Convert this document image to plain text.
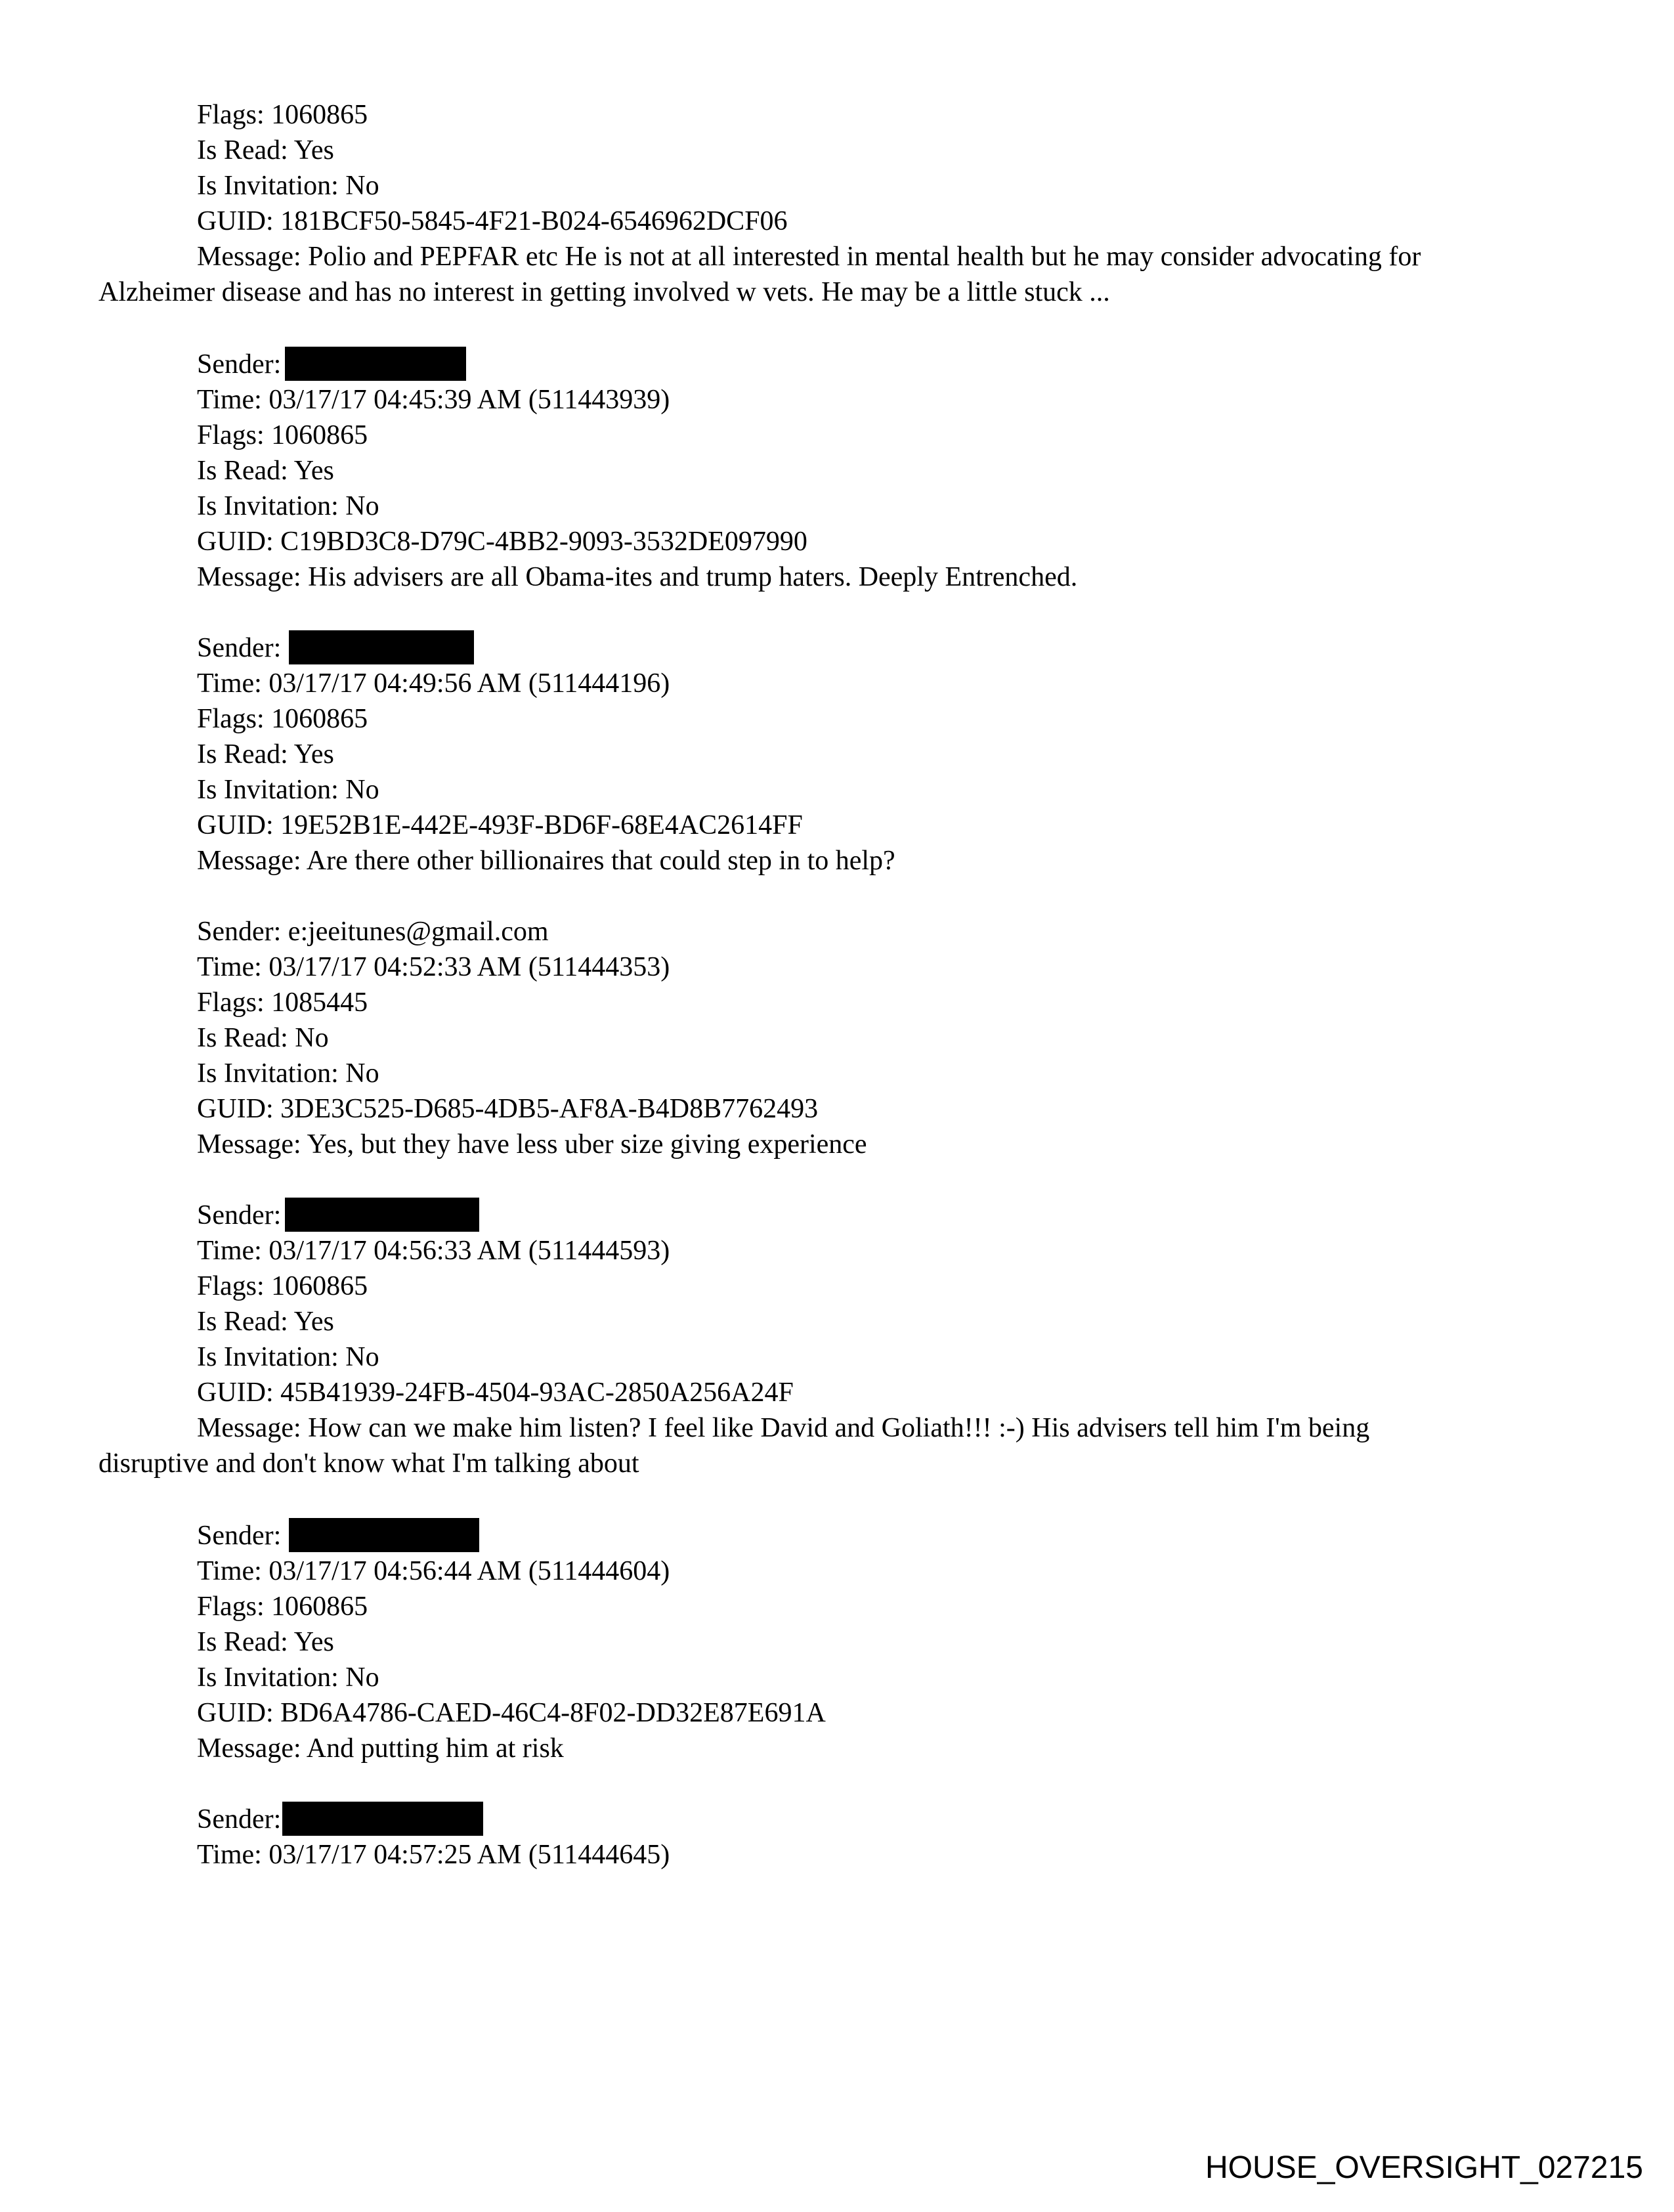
Flags: 1060865
Is Read: Yes
Is Invitation: No
GUID: 181BCF50-5845-4F21-B024-6546962DCF06
Message: Polio and PEPFAR etc He is not at all interested in mental health but he may consider advocating for
Alzheimer disease and has no interest in getting involved w vets. He may be a little stuck ...
Sender:
Time: 03/17/17 04:45:39 AM (511443939)
Flags: 1060865
Is Read: Yes
Is Invitation: No
GUID: C19BD3C8-D79C-4BB2-9093-3532DE097990
Message: His advisers are all Obama-ites and trump haters. Deeply Entrenched.
Sender:
Time: 03/17/17 04:49:56 AM (511444196)
Flags: 1060865
Is Read: Yes
Is Invitation: No
GUID: 19E52B1E-442E-493F-BD6F-68E4AC2614FF
Message: Are there other billionaires that could step in to help?
Sender: e:jeeitunes@gmail.com
Time: 03/17/17 04:52:33 AM (511444353)
Flags: 1085445
Is Read: No
Is Invitation: No
GUID: 3DE3C525-D685-4DB5-AF8A-B4D8B7762493
Message: Yes, but they have less uber size giving experience
Sender:
Time: 03/17/17 04:56:33 AM (511444593)
Flags: 1060865
Is Read: Yes
Is Invitation: No
GUID: 45B41939-24FB-4504-93AC-2850A256A24F
Message: How can we make him listen? I feel like David and Goliath!!! :-) His advisers tell him I'm being
disruptive and don't know what I'm talking about
Sender:
Time: 03/17/17 04:56:44 AM (511444604)
Flags: 1060865
Is Read: Yes
Is Invitation: No
GUID: BD6A4786-CAED-46C4-8F02-DD32E87E691A
Message: And putting him at risk
Sender:
Time: 03/17/17 04:57:25 AM (511444645)
HOUSE_OVERSIGHT_027215
